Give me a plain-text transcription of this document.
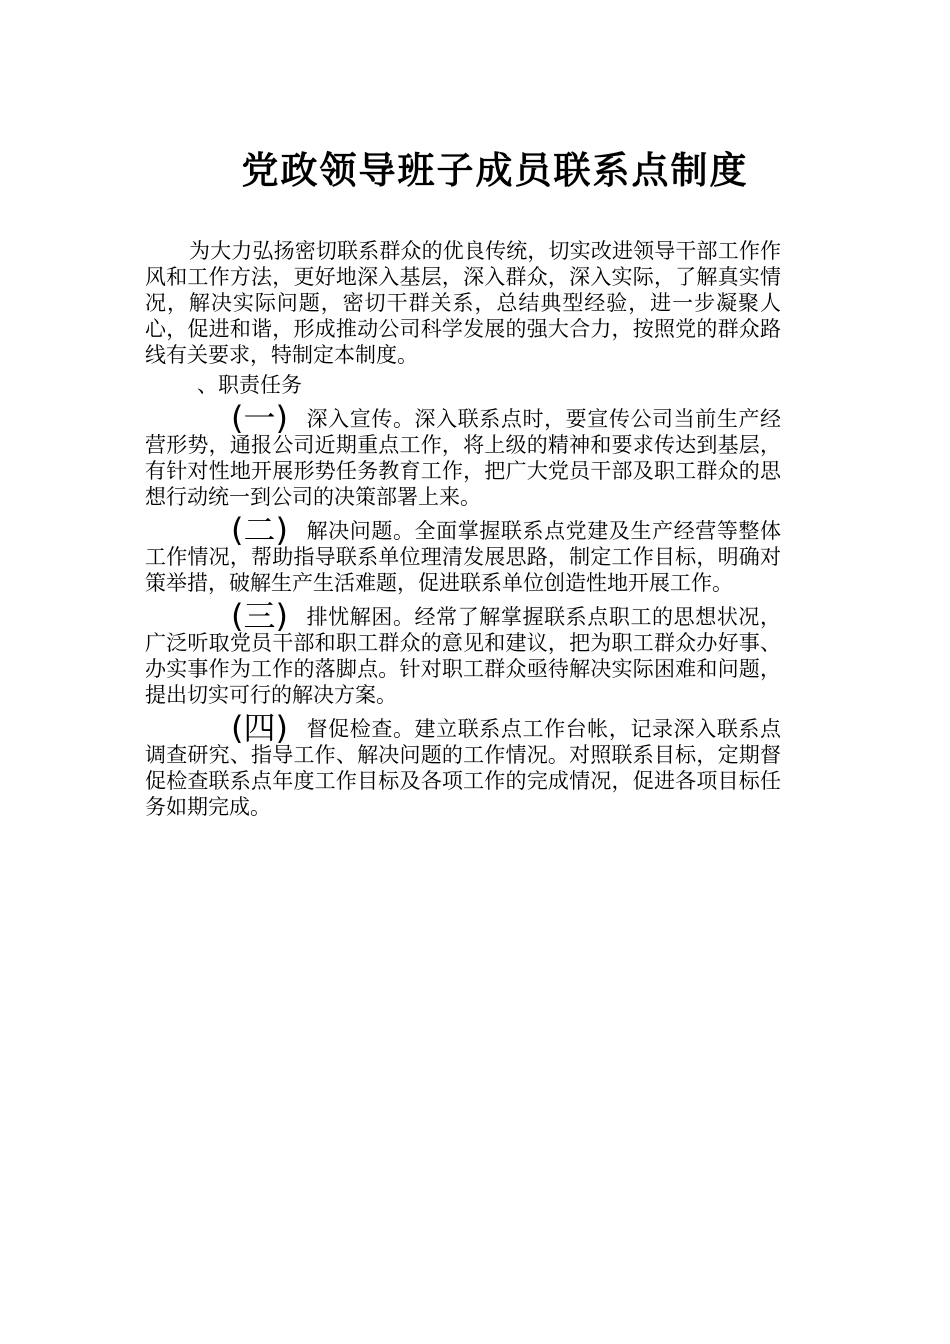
党政领导班子成员联系点制度

为大力弘扬密切联系群众的优良传统，切实改进领导干部工作作风和工作方法，更好地深入基层，深入群众，深入实际，了解真实情况，解决实际问题，密切干群关系，总结典型经验，进一步凝聚人心，促进和谐，形成推动公司科学发展的强大合力，按照党的群众路线有关要求，特制定本制度。

、职责任务

(一) 深入宣传。深入联系点时，要宣传公司当前生产经营形势，通报公司近期重点工作，将上级的精神和要求传达到基层，有针对性地开展形势任务教育工作，把广大党员干部及职工群众的思想行动统一到公司的决策部署上来。

(二) 解决问题。全面掌握联系点党建及生产经营等整体工作情况，帮助指导联系单位理清发展思路，制定工作目标，明确对策举措，破解生产生活难题，促进联系单位创造性地开展工作。

(三) 排忧解困。经常了解掌握联系点职工的思想状况，广泛听取党员干部和职工群众的意见和建议，把为职工群众办好事、办实事作为工作的落脚点。针对职工群众亟待解决实际困难和问题，提出切实可行的解决方案。

(四) 督促检查。建立联系点工作台帐，记录深入联系点调查研究、指导工作、解决问题的工作情况。对照联系目标，定期督促检查联系点年度工作目标及各项工作的完成情况，促进各项目标任务如期完成。
